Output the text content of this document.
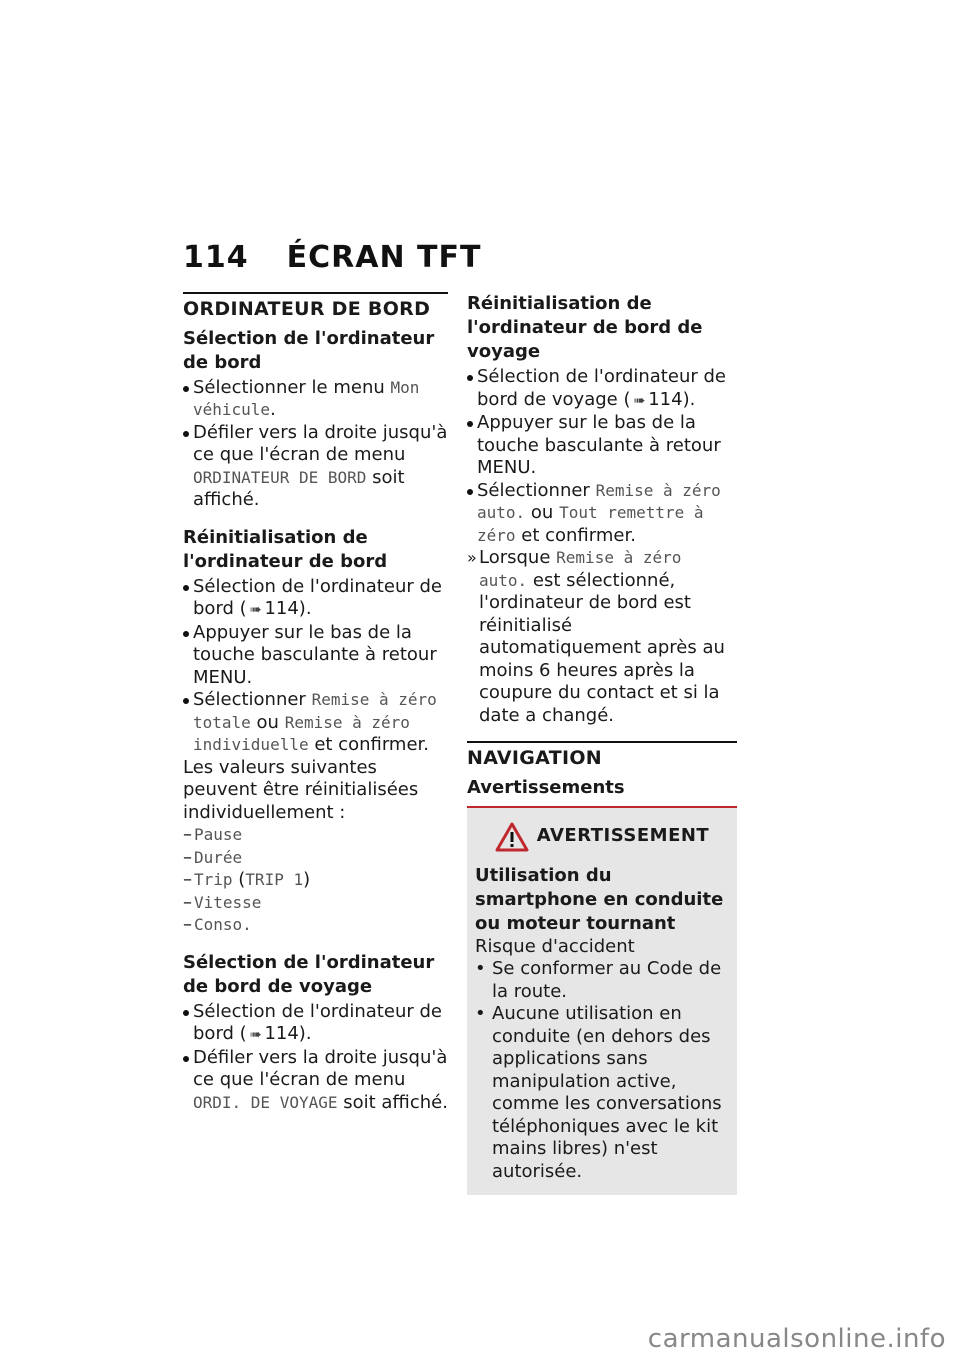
114 ÉCRAN TFT
ORDINATEUR DE BORD
Sélection de l'ordinateur de bord
Sélectionner le menu Mon véhicule.
Défiler vers la droite jusqu'à ce que l'écran de menu ORDINATEUR DE BORD soit affiché.
Réinitialisation de l'ordinateur de bord
Sélection de l'ordinateur de bord ( ➠ 114).
Appuyer sur le bas de la touche basculante à retour MENU.
Sélectionner Remise à zéro totale ou Remise à zéro individuelle et confirmer.

Les valeurs suivantes peuvent être réinitialisées individuellement :

– Pause
– Durée
– Trip (TRIP 1)
– Vitesse
– Conso.
Sélection de l'ordinateur de bord de voyage
Sélection de l'ordinateur de bord ( ➠ 114).
Défiler vers la droite jusqu'à ce que l'écran de menu ORDI. DE VOYAGE soit affiché.
Réinitialisation de l'ordinateur de bord de voyage
Sélection de l'ordinateur de bord de voyage ( ➠ 114).
Appuyer sur le bas de la touche basculante à retour MENU.
Sélectionner Remise à zéro auto. ou Tout remettre à zéro et confirmer.
» Lorsque Remise à zéro auto. est sélectionné, l'ordinateur de bord est réinitialisé automatiquement après au moins 6 heures après la coupure du contact et si la date a changé.
NAVIGATION
Avertissements
AVERTISSEMENT

Utilisation du smartphone en conduite ou moteur tournant

Risque d'accident

• Se conformer au Code de la route.
• Aucune utilisation en conduite (en dehors des applications sans manipulation active, comme les conversations téléphoniques avec le kit mains libres) n'est autorisée.
carmanualsonline.info
